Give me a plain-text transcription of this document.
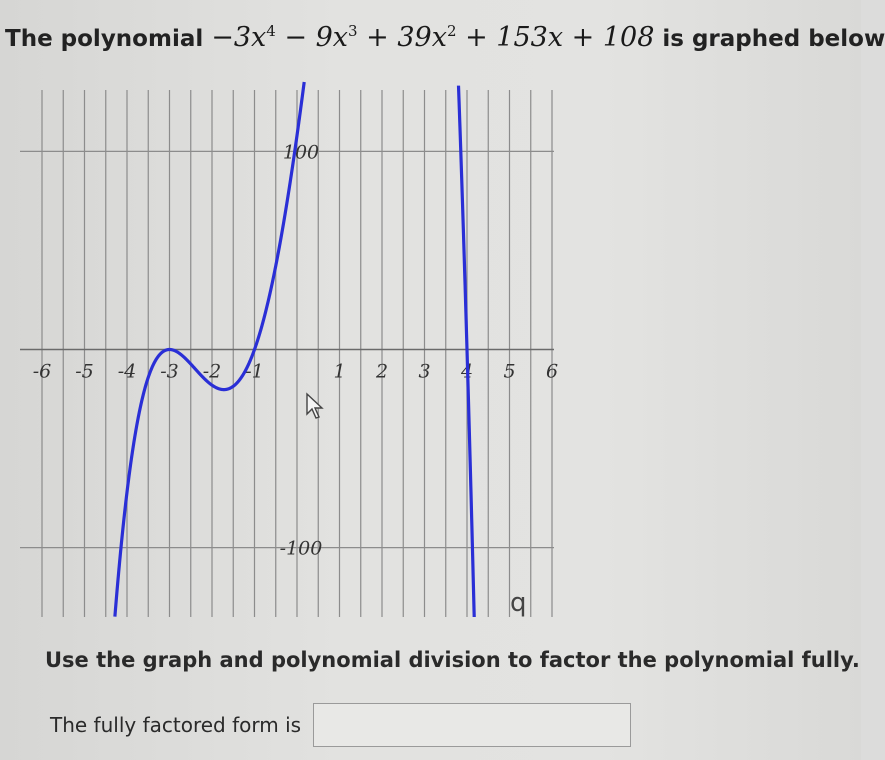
The polynomial $-3x^4 - 9x^3 + 39x^2 + 153x + 108$ is graphed below
-6 -5 -4 -3 -2 -1	1 2 3 4 5 6
100
-100
q
Use the graph and polynomial division to factor the polynomial fully.
The fully factored form is
